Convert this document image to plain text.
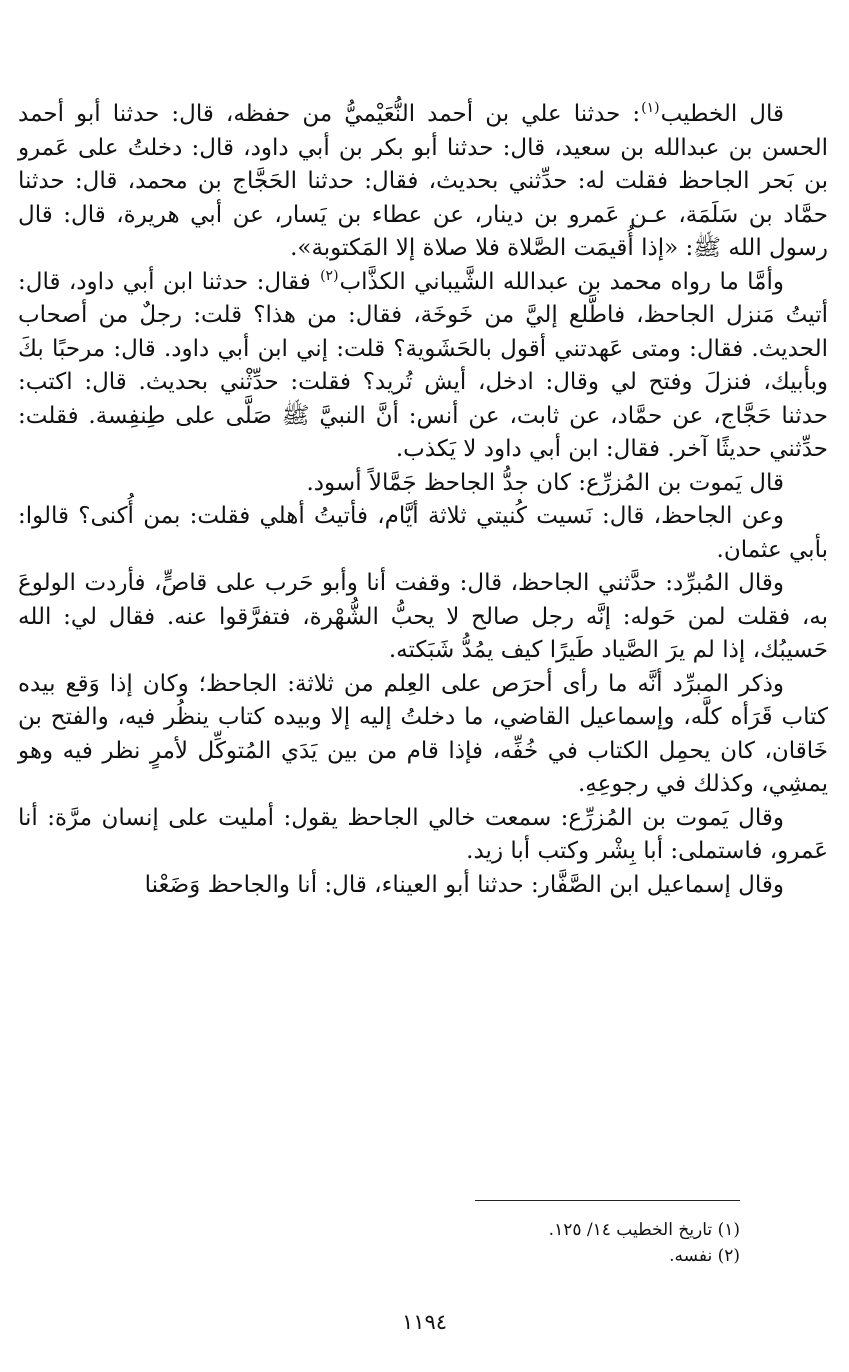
قال الخطيب$^{(١)}$: حدثنا علي بن أحمد النُّعَيْميُّ من حفظه، قال: حدثنا أبو أحمد الحسن بن عبدالله بن سعيد، قال: حدثنا أبو بكر بن أبي داود، قال: دخلتُ على عَمرو بن بَحر الجاحظ فقلت له: حدِّثني بحديث، فقال: حدثنا الحَجَّاج بن محمد، قال: حدثنا حمَّاد بن سَلَمَة، عـن عَمرو بن دينار، عن عطاء بن يَسار، عن أبي هريرة، قال: قال رسول الله ﷺ: «إذا أُقيمَت الصَّلاة فلا صلاة إلا المَكتوبة».

وأمَّا ما رواه محمد بن عبدالله الشَّيباني الكذَّاب$^{(٢)}$ فقال: حدثنا ابن أبي داود، قال: أتيتُ مَنزل الجاحظ، فاطَّلع إليَّ من خَوخَة، فقال: من هذا؟ قلت: رجلٌ من أصحاب الحديث. فقال: ومتى عَهدتني أقول بالحَشَوية؟ قلت: إني ابن أبي داود. قال: مرحبًا بكَ وبأبيك، فنزلَ وفتح لي وقال: ادخل، أيش تُريد؟ فقلت: حدِّثْني بحديث. قال: اكتب: حدثنا حَجَّاج، عن حمَّاد، عن ثابت، عن أنس: أنَّ النبيَّ ﷺ صَلَّى على طِنفِسة. فقلت: حدِّثني حديثًا آخر. فقال: ابن أبي داود لا يَكذب.

قال يَموت بن المُزرِّع: كان جدُّ الجاحظ جَمَّالاً أسود.

وعن الجاحظ، قال: نَسيت كُنيتي ثلاثة أيَّام، فأتيتُ أهلي فقلت: بمن أُكنى؟ قالوا: بأبي عثمان.

وقال المُبرِّد: حدَّثني الجاحظ، قال: وقفت أنا وأبو حَرب على قاصٍّ، فأردت الولوعَ به، فقلت لمن حَوله: إنَّه رجل صالح لا يحبُّ الشُّهْرة، فتفرَّقوا عنه. فقال لي: الله حَسيبُك، إذا لم يرَ الصَّياد طَيرًا كيف يمُدُّ شَبَكته.

وذكر المبرِّد أنَّه ما رأى أحرَص على العِلم من ثلاثة: الجاحظ؛ وكان إذا وَقع بيده كتاب قَرَأه كلَّه، وإسماعيل القاضي، ما دخلتُ إليه إلا وبيده كتاب ينظُر فيه، والفتح بن خَاقان، كان يحمِل الكتاب في خُفِّه، فإذا قام من بين يَدَي المُتوكِّل لأمرٍ نظر فيه وهو يمشِي، وكذلك في رجوعِهِ.

وقال يَموت بن المُزرِّع: سمعت خالي الجاحظ يقول: أمليت على إنسان مرَّة: أنا عَمرو، فاستملى: أبا بِشْر وكتب أبا زيد.

وقال إسماعيل ابن الصَّفَّار: حدثنا أبو العيناء، قال: أنا والجاحظ وَضَعْنا

(١) تاريخ الخطيب ١٤/ ١٢٥.
(٢) نفسه.
١١٩٤
